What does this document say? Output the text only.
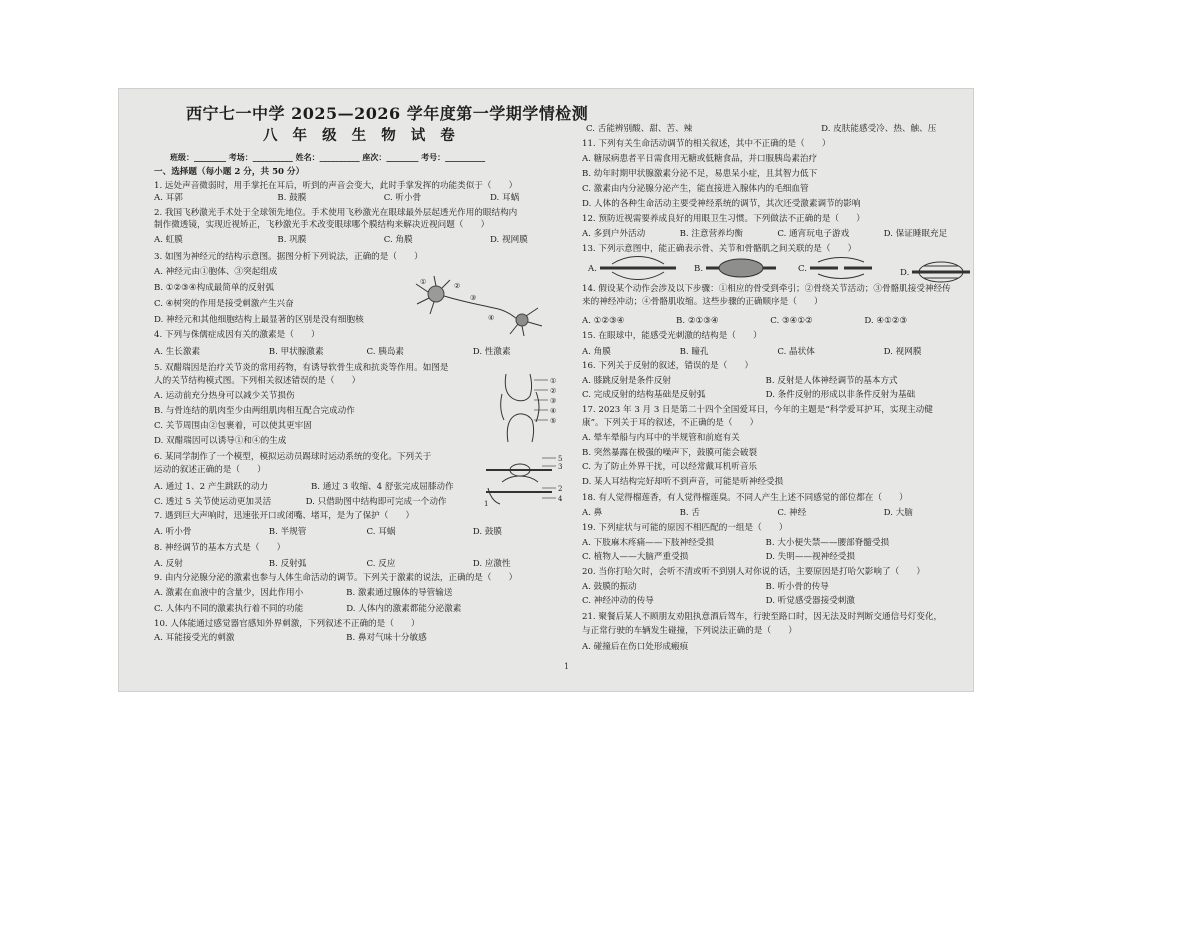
西宁七一中学 2025—2026 学年度第一学期学情检测
八 年 级 生 物 试 卷
班级：________ 考场：__________ 姓名：__________ 座次：________ 考号：__________
一、选择题（每小题 2 分，共 50 分）
1. 远处声音微弱时，用手掌托在耳后，听到的声音会变大，此时手掌发挥的功能类似于（　　）
A. 耳郭　　　　　　　　　　　B. 鼓膜　　　　　　　　　C. 听小骨　　　　　　　　D. 耳蜗
2. 我国飞秒激光手术处于全球领先地位。手术使用飞秒激光在眼球最外层起透光作用的眼结构内
制作微透镜，实现近视矫正，飞秒激光手术改变眼球哪个膜结构来解决近视问题（　　）
A. 虹膜　　　　　　　　　　　B. 巩膜　　　　　　　　　C. 角膜　　　　　　　　　D. 视网膜
3. 如图为神经元的结构示意图。据图分析下列说法，正确的是（　　）
A. 神经元由①胞体、③突起组成
B. ①②③④构成最简单的反射弧
C. ④树突的作用是接受刺激产生兴奋
D. 神经元和其他细胞结构上最显著的区别是没有细胞核
4. 下列与侏儒症成因有关的激素是（　　）
A. 生长激素　　　　　　　　B. 甲状腺激素　　　　　C. 胰岛素　　　　　　　　D. 性激素
5. 双醋瑞因是治疗关节炎的常用药物，有诱导软骨生成和抗炎等作用。如图是
人的关节结构模式图。下列相关叙述错误的是（　　）
A. 运动前充分热身可以减少关节损伤
B. 与骨连结的肌肉至少由两组肌肉相互配合完成动作
C. 关节周围由②包裹着，可以使其更牢固
D. 双醋瑞因可以诱导①和④的生成
6. 某同学制作了一个模型，模拟运动员踢球时运动系统的变化。下列关于
运动的叙述正确的是（　　）
A. 通过 1、2 产生跳跃的动力　　　　　B. 通过 3 收缩、4 舒张完成屈膝动作
C. 透过 5 关节使运动更加灵活　　　　D. 只借助图中结构即可完成一个动作
7. 遇到巨大声响时，迅速张开口或闭嘴、堵耳，是为了保护（　　）
A. 听小骨　　　　　　　　　B. 半规管　　　　　　　C. 耳蜗　　　　　　　　　D. 鼓膜
8. 神经调节的基本方式是（　　）
A. 反射　　　　　　　　　　B. 反射弧　　　　　　　C. 反应　　　　　　　　　D. 应激性
9. 由内分泌腺分泌的激素也参与人体生命活动的调节。下列关于激素的说法，正确的是（　　）
A. 激素在血液中的含量少，因此作用小　　　　　B. 激素通过腺体的导管输送
C. 人体内不同的激素执行着不同的功能　　　　　D. 人体内的激素都能分泌激素
10. 人体能通过感觉器官感知外界刺激，下列叙述不正确的是（　　）
A. 耳能接受光的刺激　　　　　　　　　　　　　B. 鼻对气味十分敏感
①	②
③
④
①
②
③
④
⑤
5
3
2
4
1
C. 舌能辨别酸、甜、苦、辣　　　　　　　　　　　　　　　D. 皮肤能感受冷、热、触、压
11. 下列有关生命活动调节的相关叙述，其中不正确的是（　　）
A. 糖尿病患者平日需食用无糖或低糖食品，并口服胰岛素治疗
B. 幼年时期甲状腺激素分泌不足，易患呆小症，且其智力低下
C. 激素由内分泌腺分泌产生，能直接进入腺体内的毛细血管
D. 人体的各种生命活动主要受神经系统的调节，其次还受激素调节的影响
12. 预防近视需要养成良好的用眼卫生习惯。下列做法不正确的是（　　）
A. 多到户外活动　　　　B. 注意营养均衡　　　　C. 通宵玩电子游戏　　　　D. 保证睡眠充足
13. 下列示意图中，能正确表示骨、关节和骨骼肌之间关联的是（　　）
A.	B.	C.	D.
14. 假设某个动作会涉及以下步骤：①相应的骨受到牵引；②骨绕关节活动；③骨骼肌接受神经传
来的神经冲动；④骨骼肌收缩。这些步骤的正确顺序是（　　）
A. ①②③④　　　　　　B. ②①③④　　　　　　C. ③④①②　　　　　　D. ④①②③
15. 在眼球中，能感受光刺激的结构是（　　）
A. 角膜　　　　　　　　B. 瞳孔　　　　　　　　C. 晶状体　　　　　　　　D. 视网膜
16. 下列关于反射的叙述，错误的是（　　）
A. 膝跳反射是条件反射　　　　　　　　　　　B. 反射是人体神经调节的基本方式
C. 完成反射的结构基础是反射弧　　　　　　　D. 条件反射的形成以非条件反射为基础
17. 2023 年 3 月 3 日是第二十四个全国爱耳日，今年的主题是“科学爱耳护耳，实现主动健
康”。下列关于耳的叙述，不正确的是（　　）
A. 晕车晕船与内耳中的半规管和前庭有关
B. 突然暴露在极强的噪声下，鼓膜可能会破裂
C. 为了防止外界干扰，可以经常戴耳机听音乐
D. 某人耳结构完好却听不到声音，可能是听神经受损
18. 有人觉得榴莲香，有人觉得榴莲臭。不同人产生上述不同感觉的部位都在（　　）
A. 鼻　　　　　　　　　B. 舌　　　　　　　　　C. 神经　　　　　　　　　D. 大脑
19. 下列症状与可能的原因不相匹配的一组是（　　）
A. 下肢麻木疼痛——下肢神经受损　　　　　　B. 大小便失禁——腰部脊髓受损
C. 植物人——大脑严重受损　　　　　　　　　D. 失明——视神经受损
20. 当你打哈欠时，会听不清或听不到别人对你说的话，主要原因是打哈欠影响了（　　）
A. 鼓膜的振动　　　　　　　　　　　　　　　B. 听小骨的传导
C. 神经冲动的传导　　　　　　　　　　　　　D. 听觉感受器接受刺激
21. 聚餐后某人不顾朋友劝阻执意酒后驾车，行驶至路口时，因无法及时判断交通信号灯变化，
与正常行驶的车辆发生碰撞，下列说法正确的是（　　）
A. 碰撞后在伤口处形成瘢痕
1
